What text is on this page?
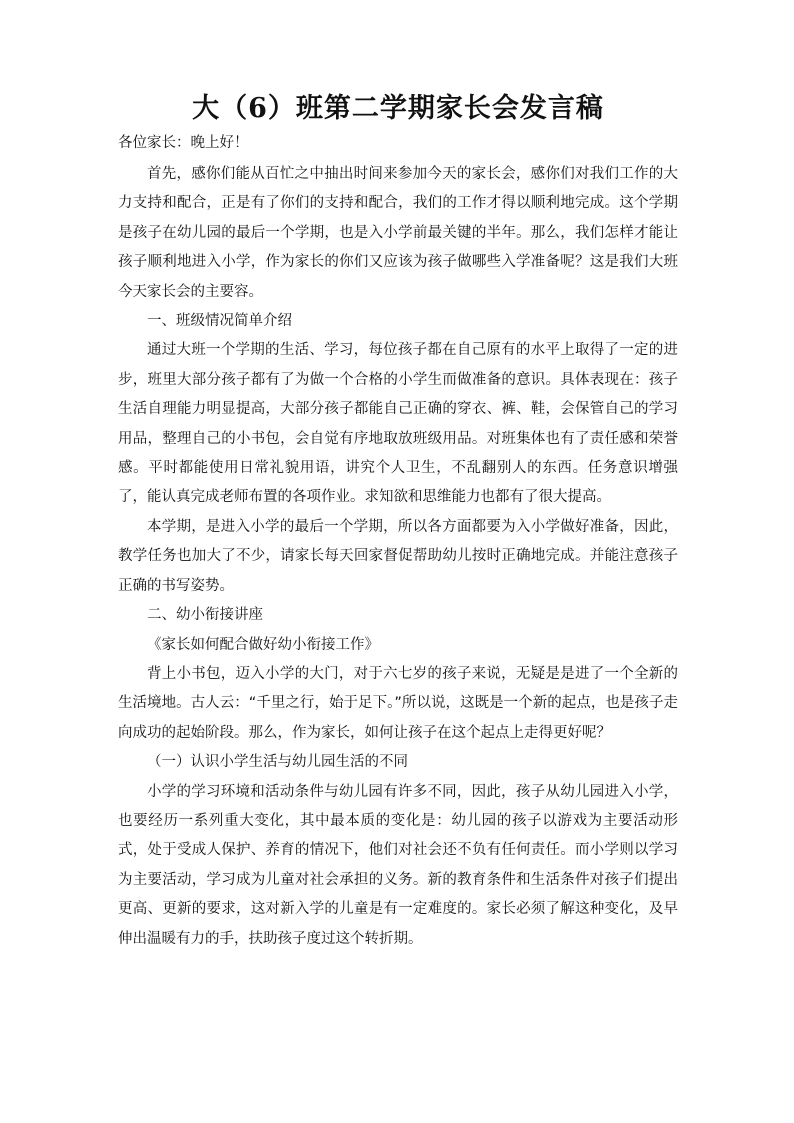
大（6）班第二学期家长会发言稿

各位家长：晚上好！

首先，感你们能从百忙之中抽出时间来参加今天的家长会，感你们对我们工作的大力支持和配合，正是有了你们的支持和配合，我们的工作才得以顺利地完成。这个学期是孩子在幼儿园的最后一个学期，也是入小学前最关键的半年。那么，我们怎样才能让孩子顺利地进入小学，作为家长的你们又应该为孩子做哪些入学准备呢？这是我们大班今天家长会的主要容。

一、班级情况简单介绍

通过大班一个学期的生活、学习，每位孩子都在自己原有的水平上取得了一定的进步，班里大部分孩子都有了为做一个合格的小学生而做准备的意识。具体表现在：孩子生活自理能力明显提高，大部分孩子都能自己正确的穿衣、裤、鞋，会保管自己的学习用品，整理自己的小书包，会自觉有序地取放班级用品。对班集体也有了责任感和荣誉感。平时都能使用日常礼貌用语，讲究个人卫生，不乱翻别人的东西。任务意识增强了，能认真完成老师布置的各项作业。求知欲和思维能力也都有了很大提高。

本学期，是进入小学的最后一个学期，所以各方面都要为入小学做好准备，因此，教学任务也加大了不少，请家长每天回家督促帮助幼儿按时正确地完成。并能注意孩子正确的书写姿势。

二、幼小衔接讲座

《家长如何配合做好幼小衔接工作》

背上小书包，迈入小学的大门，对于六七岁的孩子来说，无疑是是进了一个全新的生活境地。古人云：“千里之行，始于足下。”所以说，这既是一个新的起点，也是孩子走向成功的起始阶段。那么，作为家长，如何让孩子在这个起点上走得更好呢？

（一）认识小学生活与幼儿园生活的不同

小学的学习环境和活动条件与幼儿园有许多不同，因此，孩子从幼儿园进入小学，也要经历一系列重大变化，其中最本质的变化是：幼儿园的孩子以游戏为主要活动形式，处于受成人保护、养育的情况下，他们对社会还不负有任何责任。而小学则以学习为主要活动，学习成为儿童对社会承担的义务。新的教育条件和生活条件对孩子们提出更高、更新的要求，这对新入学的儿童是有一定难度的。家长必须了解这种变化，及早伸出温暖有力的手，扶助孩子度过这个转折期。
